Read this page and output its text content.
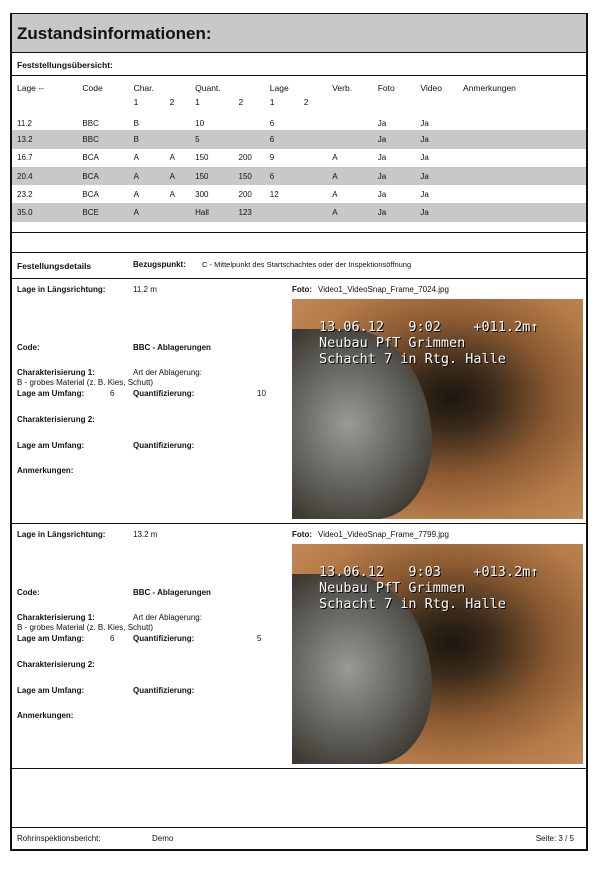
Zustandsinformationen:
Feststellungsübersicht:
Lage --	Code	Char.		Quant.		Lage		Verb.	Foto	Video	Anmerkungen
		1	2	1	2	1	2				
11.2	BBC	B		10		6			Ja	Ja	
13.2	BBC	B		5		6			Ja	Ja	
16.7	BCA	A	A	150	200	9		A	Ja	Ja	
20.4	BCA	A	A	150	150	6		A	Ja	Ja	
23.2	BCA	A	A	300	200	12		A	Ja	Ja	
35.0	BCE	A		Hall	123			A	Ja	Ja	
Festellungsdetails	Bezugspunkt: C - Mittelpunkt des Startschachtes oder der Inspektionsöffnung
Lage in Längsrichtung:	11.2 m
Code:	BBC - Ablagerungen
Charakterisierung 1:	Art der Ablagerung:
B - grobes Material (z. B. Kies, Schutt)
Lage am Umfang:	6 Quantifizierung:	10
Charakterisierung 2:
Lage am Umfang:	Quantifizierung:
Anmerkungen:
Foto: Video1_VideoSnap_Frame_7024.jpg
13.06.12   9:02    +011.2m↑
Neubau PfT Grimmen
Schacht 7 in Rtg. Halle
Lage in Längsrichtung:	13.2 m
Code:	BBC - Ablagerungen
Charakterisierung 1:	Art der Ablagerung:
B - grobes Material (z. B. Kies, Schutt)
Lage am Umfang:	6 Quantifizierung:	5
Charakterisierung 2:
Lage am Umfang:	Quantifizierung:
Anmerkungen:
Foto: Video1_VideoSnap_Frame_7799.jpg
13.06.12   9:03    +013.2m↑
Neubau PfT Grimmen
Schacht 7 in Rtg. Halle
Rohrinspektionsbericht:	Demo	Seite: 3 / 5
